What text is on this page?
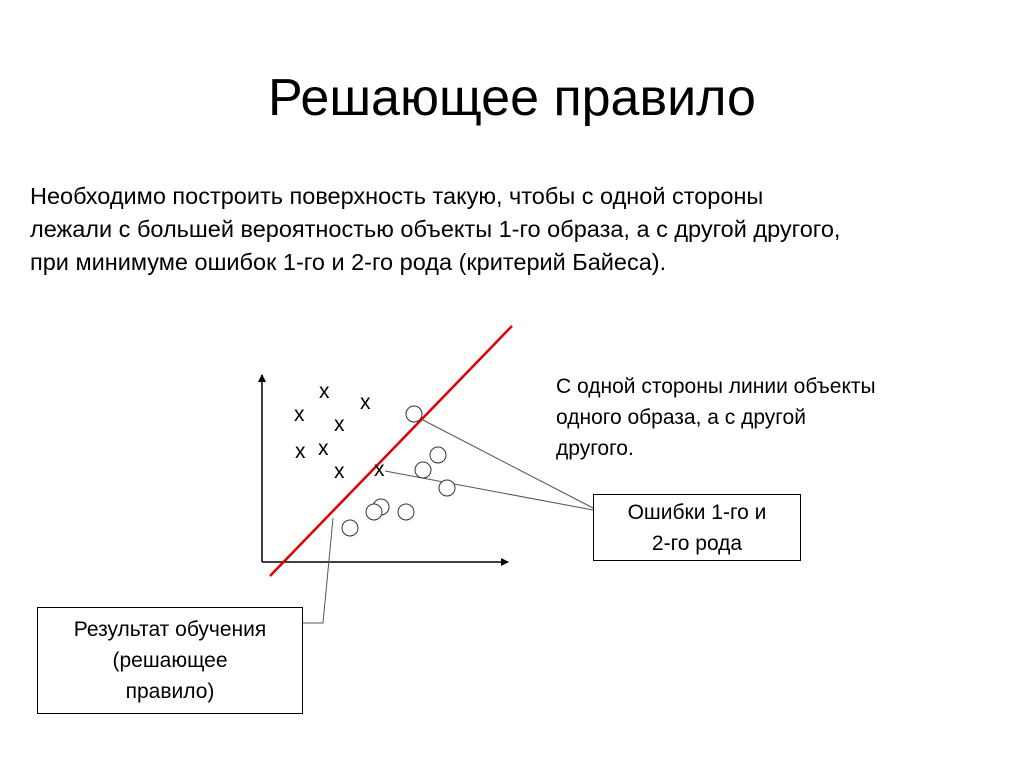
Решающее правило
Необходимо построить поверхность такую, чтобы с одной стороны
лежали с большей вероятностью объекты 1-го образа, а с другой другого,
при минимуме ошибок 1-го и 2-го рода (критерий Байеса).
С одной стороны линии объекты
одного образа, а с другой
другого.
x
x
x
x
x x
x x
Ошибки 1-го и
2-го рода
Результат обучения
(решающее
правило)
